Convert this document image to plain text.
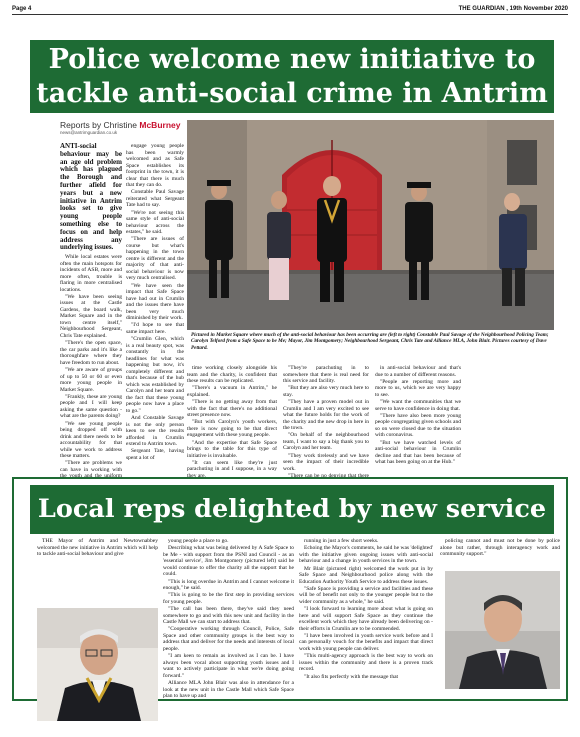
Page 4	THE GUARDIAN , 19th November 2020
Police welcome new initiative to tackle anti-social crime in Antrim
Reports by Christine McBurney
news@antrimguardian.co.uk

ANTI-social behaviour may be an age old problem which has plagued the Borough and further afield for years but a new initiative in Antrim looks set to give young people something else to focus on and help address any underlying issues.

While local estates were often the main hotspots for incidents of ASB, more and more often, trouble is flaring in more centralised locations.

"We have been seeing issues at the Castle Gardens, the board walk, Market Square and in the town centre itself," Neighbourhood Sergeant, Chris Tate explained.

"There's the open space, the car parks and it's like a thoroughfare where they have freedom to run about.

"We are aware of groups of up to 50 or 60 or even more young people in Market Square.

"Frankly, these are young people and I will keep asking the same question - what are the parents doing?

"We see young people being dropped off with drink and there needs to be accountability for that while we work to address these matters.

"There are problems we can have in working with the youth and the uniform

engage young people has been warmly welcomed and as Safe Space establishes its footprint in the town, it is clear that there is much that they can do.

Constable Paul Savage reiterated what Sergeant Tate had to say.

"We're not seeing this same style of anti-social behaviour across the estates," he said.

"There are issues of course but what's happening in the town centre is different and the majority of that anti-social behaviour is now very much centralised.

"We have seen the impact that Safe Space have had out in Crumlin and the issues there have been very much diminished by their work.

"I'd hope to see that same impact here.

"Crumlin Glen, which is a real beauty spot, was constantly in the headlines for what was happening but now, it's completely different and that's because of the hub which was established by Carolyn and her team and the fact that these young people now have a place to go."

And Constable Savage is not the only person keen to see the results afforded in Crumlin extend to Antrim town.

Sergeant Tate, having spent a lot of

Pictured in Market Square where much of the anti-social behaviour has been occurring are (left to right) Constable Paul Savage of the Neighbourhood Policing Team; Carolyn Telford from a Safe Space to be Me; Mayor, Jim Montgomery; Neighbourhood Sergeant, Chris Tate and Alliance MLA, John Blair. Pictures courtesy of Dave Pettard.

time working closely alongside his team and the charity, is confident that these results can be replicated.

"There's a vacuum in Antrim," he explained.

"There is no getting away from that with the fact that there's no additional street presence now.

"But with Carolyn's youth workers, there is now going to be that direct engagement with these young people.

"And the expertise that Safe Space brings to the table for this type of initiative is invaluable.

"It can seem like they're just parachuting in and I suppose, in a way they are.

"They're parachuting in to somewhere that there is real need for this service and facility.

"But they are also very much here to stay.

"They have a proven model out in Crumlin and I am very excited to see what the future holds for the work of the charity and the new drop in here in the town.

"On behalf of the neighbourhood team, I want to say a big thank you to Carolyn and her team.

"They work tirelessly and we have seen the impact of their incredible work.

"There can be no denying that there

in anti-social behaviour and that's due to a number of different reasons.

"People are reporting more and more to us, which we are very happy to see.

"We want the communities that we serve to have confidence in doing that.

"There have also been more young people congregating given schools and so on were closed due to the situation with coronavirus.

"But we have watched levels of anti-social behaviour in Crumlin decline and that has been because of what has been going on at the Hub."

Local reps delighted by new service

THE Mayor of Antrim and Newtownabbey welcomed the new initiative in Antrim which will help to tackle anti-social behaviour and give

young people a place to go.

Describing what was being delivered by A Safe Space to be Me - with support from the PSNI and Council - as an 'essential service', Jim Montgomery (pictured left) said he would continue to offer the charity all the support that he could.

"This is long overdue in Antrim and I cannot welcome it enough," he said.

"This is going to be the first step in providing services for young people.

"The call has been there, they've said they need somewhere to go and with this new unit and facility in the Castle Mall we can start to address that.

"Cooperative working through Council, Police, Safe Space and other community groups is the best way to address that and deliver for the needs and interests of local people.

"I am keen to remain as involved as I can be. I have always been vocal about supporting youth issues and I want to actively participate in what we're doing going forward."

Alliance MLA John Blair was also in attendance for a look at the new unit in the Castle Mall which Safe Space plan to have up and

running in just a few short weeks.

Echoing the Mayor's comments, he said he was 'delighted' with the initiative given ongoing issues with anti-social behaviour and a change in youth services in the town.

Mr Blair (pictured right) welcomed the work put in by Safe Space and Neighbourhood police along with the Education Authority Youth Service to address these issues.

"Safe Space is providing a service and facilities and these will be of benefit not only to the younger people but to the wider community as a whole," he said.

"I look forward to learning more about what is going on here and will support Safe Space as they continue the excellent work which they have already been delivering on - their efforts in Crumlin are to be commended.

"I have been involved in youth service work before and I can personally vouch for the benefits and impact that direct work with young people can deliver.

"This multi-agency approach is the best way to work on issues within the community and there is a proven track record.

"It also fits perfectly with the message that

policing cannot and must not be done by police alone but rather, through interagency work and community support."
